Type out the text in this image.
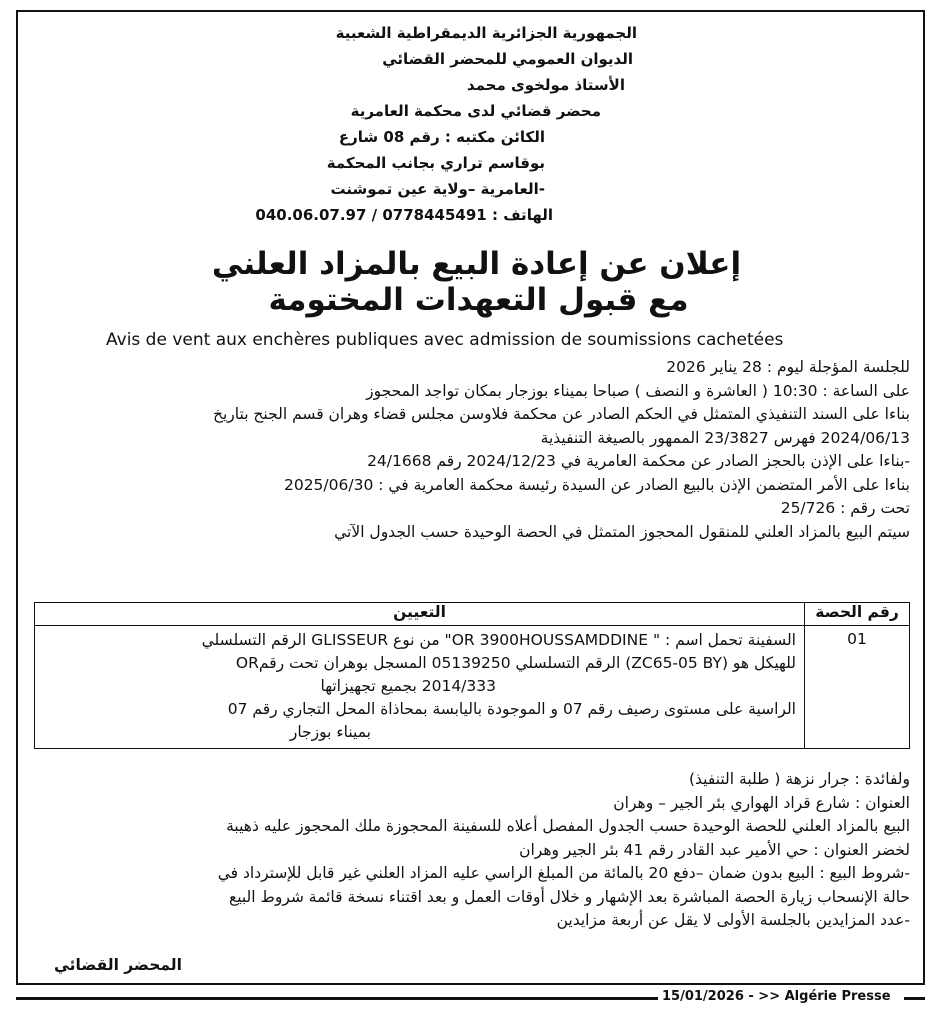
الجمهورية الجزائرية الديمقراطية الشعبية
الديوان العمومي للمحضر القضائي
الأستاذ مولخوى محمد
محضر قضائي لدى محكمة العامرية
الكائن مكتبه : رقم 08 شارع
بوقاسم تراري بجانب المحكمة
-العامرية –ولاية عين تموشنت
الهاتف : 0778445491 / 040.06.07.97
إعلان عن إعادة البيع بالمزاد العلني
مع قبول التعهدات المختومة
Avis de vent aux enchères publiques avec admission de soumissions cachetées
للجلسة المؤجلة ليوم : 28 يناير 2026
على الساعة : 10:30 ( العاشرة و النصف ) صباحا بميناء بوزجار بمكان تواجد المحجوز
بناءا على السند التنفيذي المتمثل في الحكم الصادر عن محكمة فلاوسن مجلس قضاء وهران قسم الجنح بتاريخ
2024/06/13 فهرس 23/3827 الممهور بالصيغة التنفيذية
-بناءا على الإذن بالحجز الصادر عن محكمة العامرية في 2024/12/23 رقم 24/1668
بناءا على الأمر المتضمن الإذن بالبيع الصادر عن السيدة رئيسة محكمة العامرية في : 2025/06/30
تحت رقم : 25/726
سيتم البيع بالمزاد العلني للمنقول المحجوز المتمثل في الحصة الوحيدة حسب الجدول الآتي
رقم الحصة	التعيين
01	السفينة تحمل اسم : " OR 3900HOUSSAMDDINE" من نوع GLISSEUR الرقم التسلسلي
للهيكل هو (ZC65-05 BY) الرقم التسلسلي 05139250 المسجل بوهران تحت رقمOR
2014/333 بجميع تجهيزاتها
الراسية على مستوى رصيف رقم 07 و الموجودة باليابسة بمحاذاة المحل التجاري رقم 07
بميناء بوزجار
ولفائدة : جرار نزهة ( طلبة التنفيذ)
العنوان : شارع قراد الهواري بئر الجير – وهران
البيع بالمزاد العلني للحصة الوحيدة حسب الجدول المفصل أعلاه للسفينة المحجوزة ملك المحجوز عليه ذهيبة
لخضر العنوان : حي الأمير عبد القادر رقم 41 بئر الجير وهران
-شروط البيع : البيع بدون ضمان –دفع 20 بالمائة من المبلغ الراسي عليه المزاد العلني غير قابل للإسترداد في
حالة الإنسحاب زيارة الحصة المباشرة بعد الإشهار و خلال أوقات العمل و بعد اقتناء نسخة قائمة شروط البيع
-عدد المزايدين بالجلسة الأولى لا يقل عن أربعة مزايدين
المحضر القضائي
15/01/2026 - >> Algérie Presse
